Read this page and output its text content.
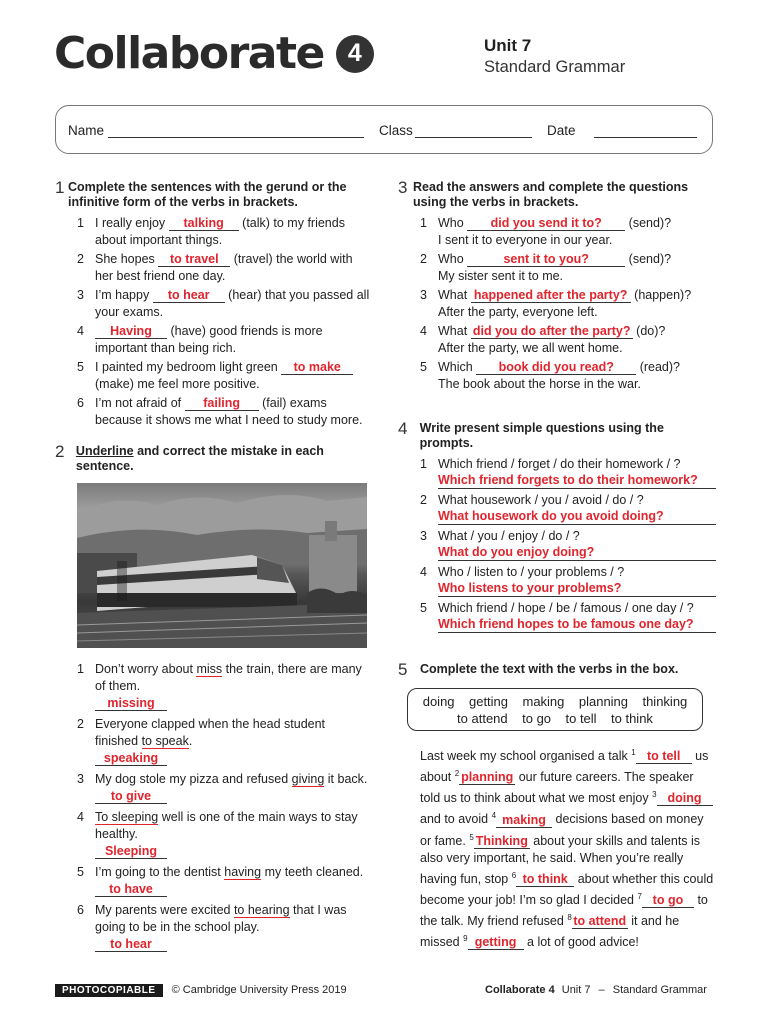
Collaborate 4	Unit 7
Standard Grammar
Name	Class	Date
1 Complete the sentences with the gerund or the infinitive form of the verbs in brackets.
1 I really enjoy talking (talk) to my friends about important things.
2 She hopes to travel (travel) the world with her best friend one day.
3 I’m happy to hear (hear) that you passed all your exams.
4	Having (have) good friends is more important than being rich.
5 I painted my bedroom light green to make (make) me feel more positive.
6 I’m not afraid of failing (fail) exams because it shows me what I need to study more.
2 Underline and correct the mistake in each sentence.
1 Don’t worry about miss the train, there are many of them.
missing
2 Everyone clapped when the head student finished to speak.
speaking
3 My dog stole my pizza and refused giving it back.
to give
4 To sleeping well is one of the main ways to stay healthy.
Sleeping
5 I’m going to the dentist having my teeth cleaned.
to have
6 My parents were excited to hearing that I was going to be in the school play.
to hear
3 Read the answers and complete the questions using the verbs in brackets.
1 Who did you send it to? (send)?
I sent it to everyone in our year.
2 Who	sent it to you?	(send)?
My sister sent it to me.
3 What happened after the party? (happen)?
After the party, everyone left.
4 What did you do after the party? (do)?
After the party, we all went home.
5 Which book did you read? (read)?
The book about the horse in the war.
4 Write present simple questions using the prompts.
1 Which friend / forget / do their homework / ?
Which friend forgets to do their homework?
2 What housework / you / avoid / do / ?
What housework do you avoid doing?
3 What / you / enjoy / do / ?
What do you enjoy doing?
4 Who / listen to / your problems / ?
Who listens to your problems?
5 Which friend / hope / be / famous / one day / ?
Which friend hopes to be famous one day?
5	Complete the text with the verbs in the box.
doing getting making planning thinking
to attend to go to tell to think
Last week my school organised a talk $^1$ to tell us about $^2$ planning our future careers. The speaker told us to think about what we most enjoy $^3$ doing and to avoid $^4$ making decisions based on money or fame. $^5$ Thinking about your skills and talents is also very important, he said. When you’re really having fun, stop $^6$ to think about whether this could become your job! I’m so glad I decided $^7$ to go to the talk. My friend refused $^8$ to attend it and he missed $^9$ getting a lot of good advice!
PHOTOCOPIABLE © Cambridge University Press 2019	Collaborate 4 Unit 7 – Standard Grammar
